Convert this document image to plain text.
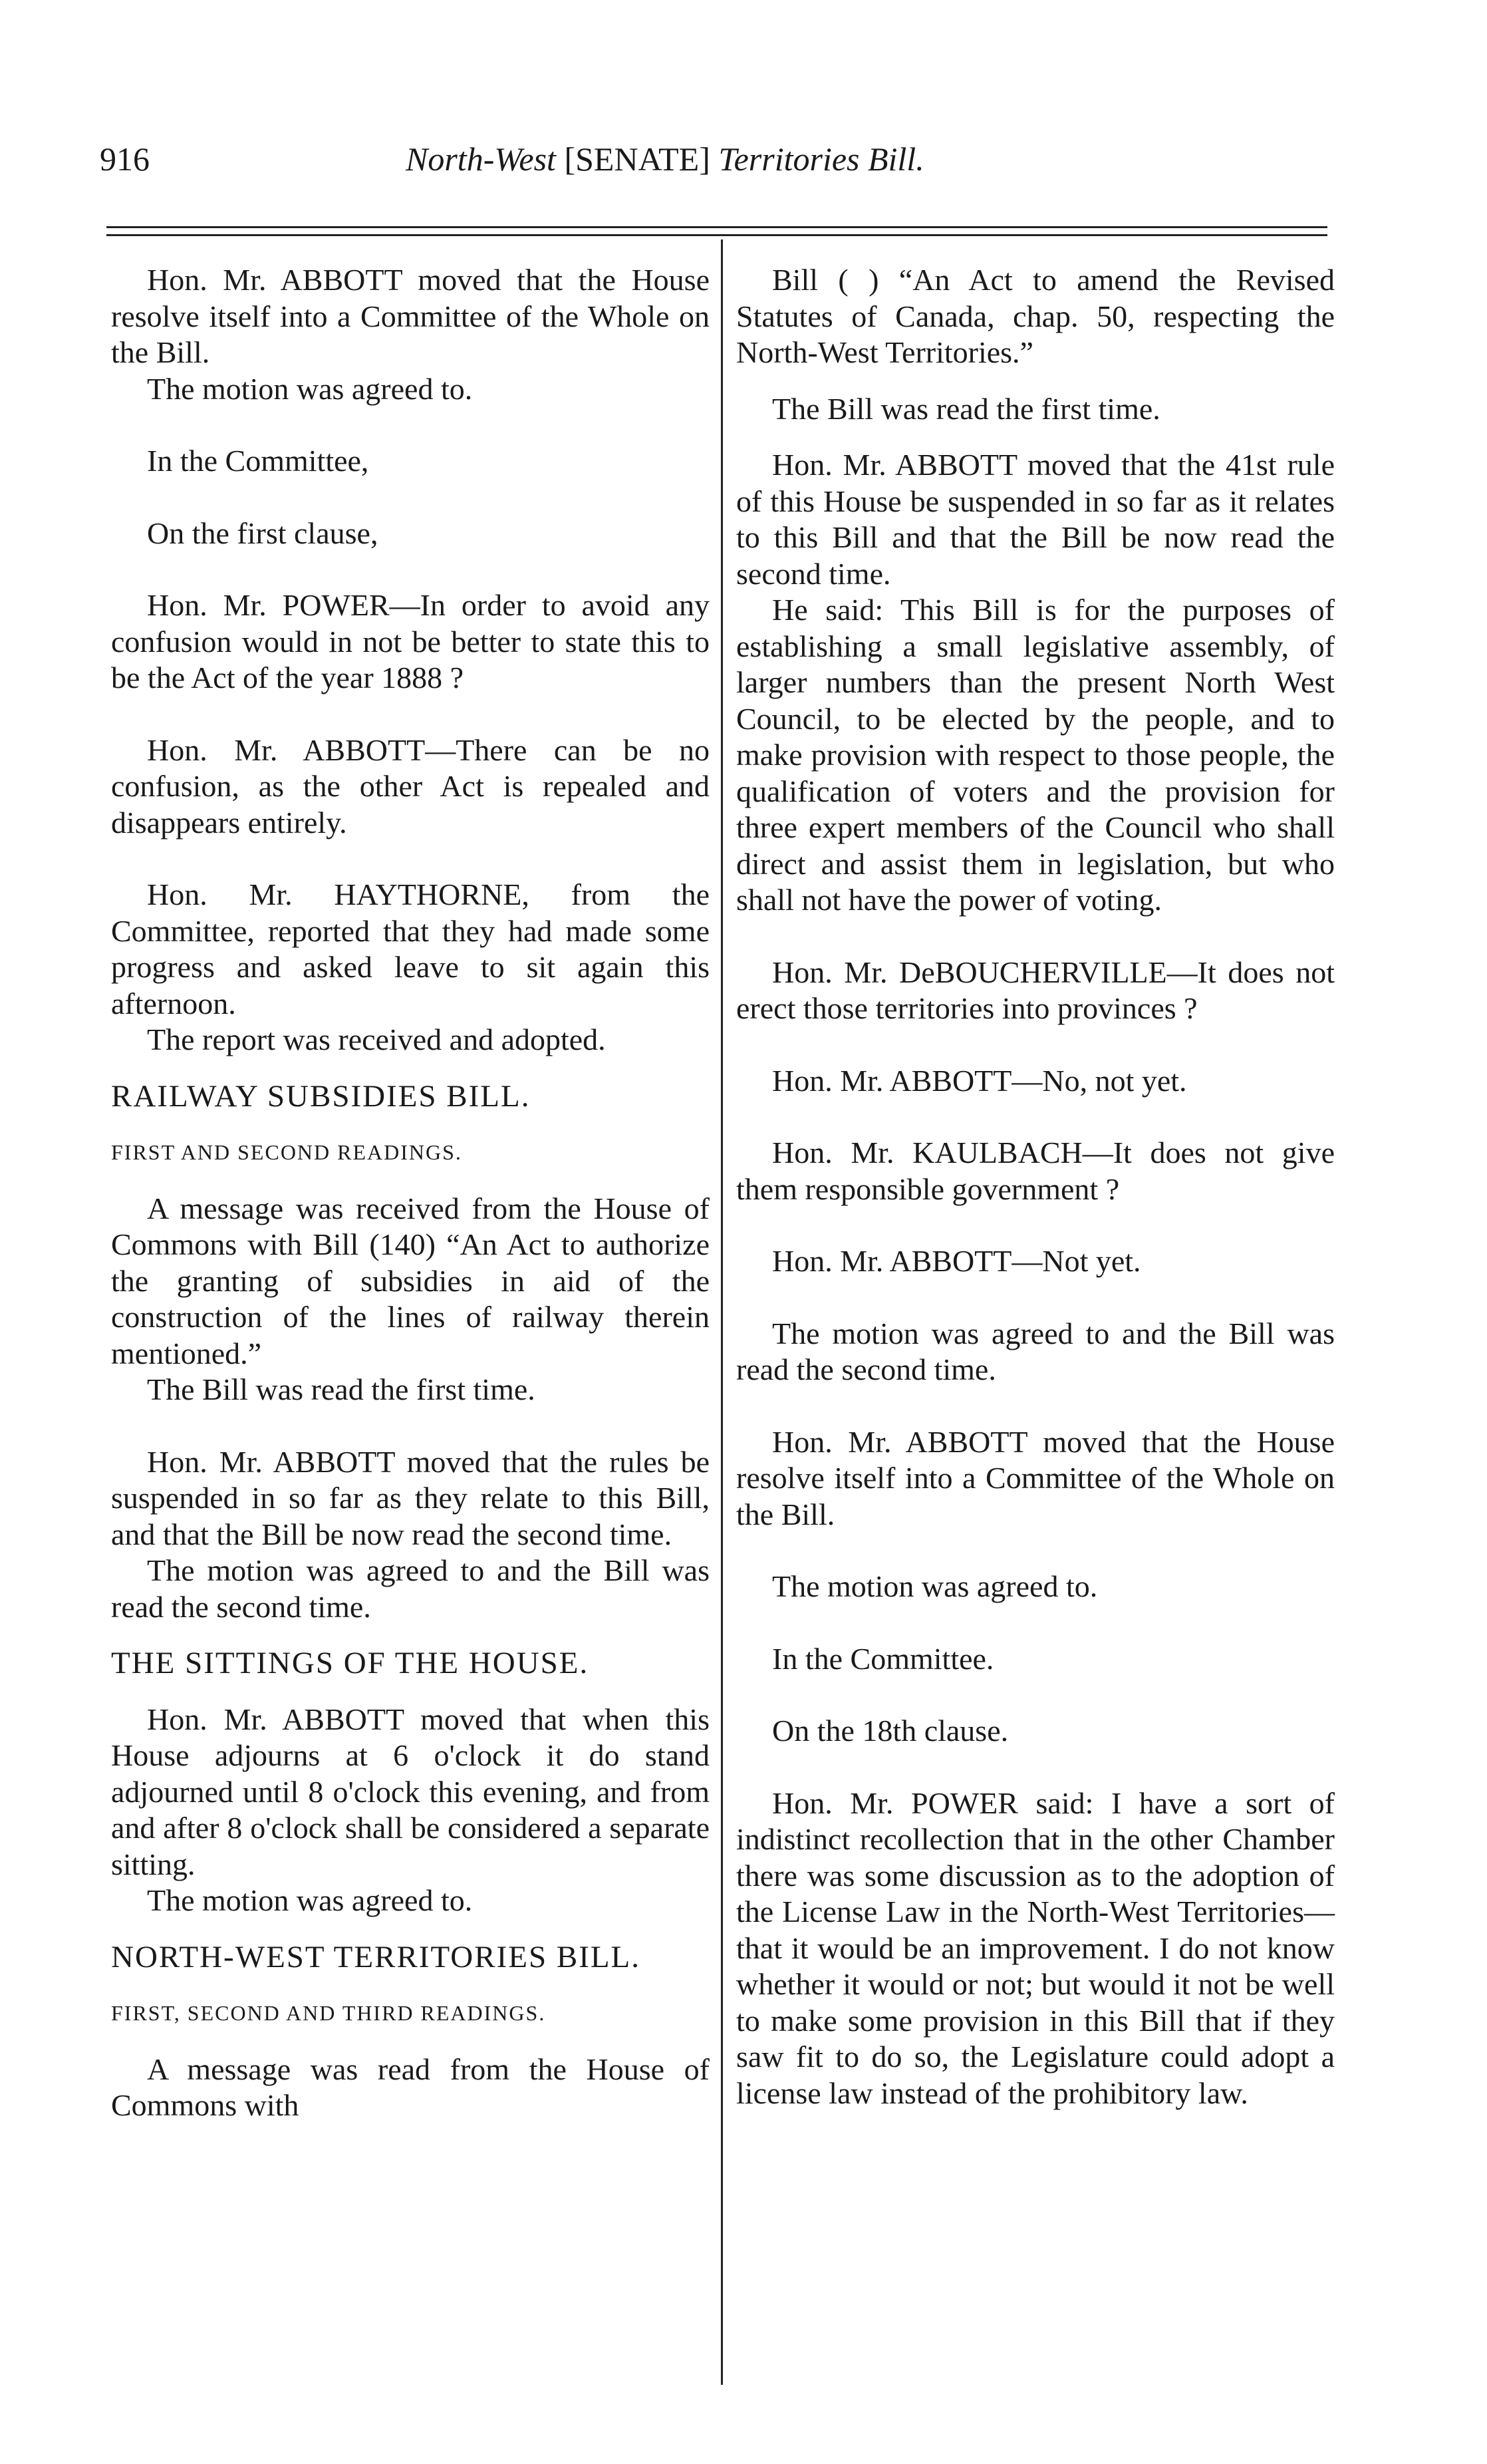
916	North-West [SENATE] Territories Bill.

Hon. Mr. ABBOTT moved that the House resolve itself into a Committee of the Whole on the Bill.

The motion was agreed to.

In the Committee,

On the first clause,

Hon. Mr. POWER—In order to avoid any confusion would in not be better to state this to be the Act of the year 1888 ?

Hon. Mr. ABBOTT—There can be no confusion, as the other Act is repealed and disappears entirely.

Hon. Mr. HAYTHORNE, from the Committee, reported that they had made some progress and asked leave to sit again this afternoon.

The report was received and adopted.

RAILWAY SUBSIDIES BILL.

FIRST AND SECOND READINGS.

A message was received from the House of Commons with Bill (140) “An Act to authorize the granting of subsidies in aid of the construction of the lines of railway therein mentioned.”

The Bill was read the first time.

Hon. Mr. ABBOTT moved that the rules be suspended in so far as they relate to this Bill, and that the Bill be now read the second time.

The motion was agreed to and the Bill was read the second time.

THE SITTINGS OF THE HOUSE.

Hon. Mr. ABBOTT moved that when this House adjourns at 6 o'clock it do stand adjourned until 8 o'clock this evening, and from and after 8 o'clock shall be considered a separate sitting.

The motion was agreed to.

NORTH-WEST TERRITORIES BILL.

FIRST, SECOND AND THIRD READINGS.

A message was read from the House of Commons with

Bill ( ) “An Act to amend the Revised Statutes of Canada, chap. 50, respecting the North-West Territories.”

The Bill was read the first time.

Hon. Mr. ABBOTT moved that the 41st rule of this House be suspended in so far as it relates to this Bill and that the Bill be now read the second time.

He said: This Bill is for the purposes of establishing a small legislative assembly, of larger numbers than the present North West Council, to be elected by the people, and to make provision with respect to those people, the qualification of voters and the provision for three expert members of the Council who shall direct and assist them in legislation, but who shall not have the power of voting.

Hon. Mr. DeBOUCHERVILLE—It does not erect those territories into provinces ?

Hon. Mr. ABBOTT—No, not yet.

Hon. Mr. KAULBACH—It does not give them responsible government ?

Hon. Mr. ABBOTT—Not yet.

The motion was agreed to and the Bill was read the second time.

Hon. Mr. ABBOTT moved that the House resolve itself into a Committee of the Whole on the Bill.

The motion was agreed to.

In the Committee.

On the 18th clause.

Hon. Mr. POWER said: I have a sort of indistinct recollection that in the other Chamber there was some discussion as to the adoption of the License Law in the North-West Territories—that it would be an improvement. I do not know whether it would or not; but would it not be well to make some provision in this Bill that if they saw fit to do so, the Legislature could adopt a license law instead of the prohibitory law.
